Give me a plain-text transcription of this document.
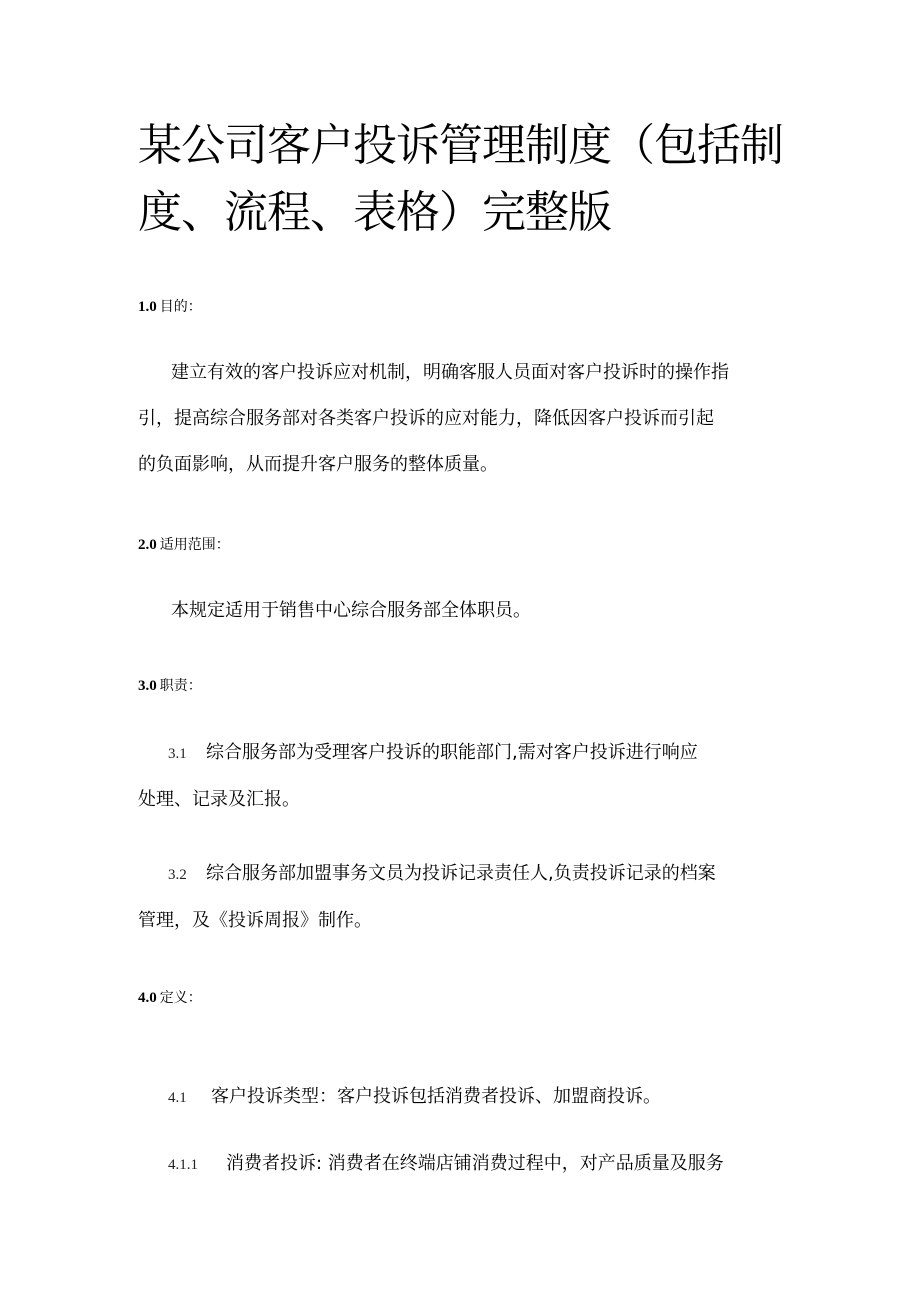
某公司客户投诉管理制度（包括制
度、流程、表格）完整版
1.0 目的：
建立有效的客户投诉应对机制，明确客服人员面对客户投诉时的操作指
引，提高综合服务部对各类客户投诉的应对能力，降低因客户投诉而引起
的负面影响，从而提升客户服务的整体质量。
2.0 适用范围：
本规定适用于销售中心综合服务部全体职员。
3.0 职责：
3.1 综合服务部为受理客户投诉的职能部门,需对客户投诉进行响应
处理、记录及汇报。
3.2 综合服务部加盟事务文员为投诉记录责任人,负责投诉记录的档案
管理，及《投诉周报》制作。
4.0 定义：
4.1 客户投诉类型：客户投诉包括消费者投诉、加盟商投诉。
4.1.1 消费者投诉: 消费者在终端店铺消费过程中，对产品质量及服务
